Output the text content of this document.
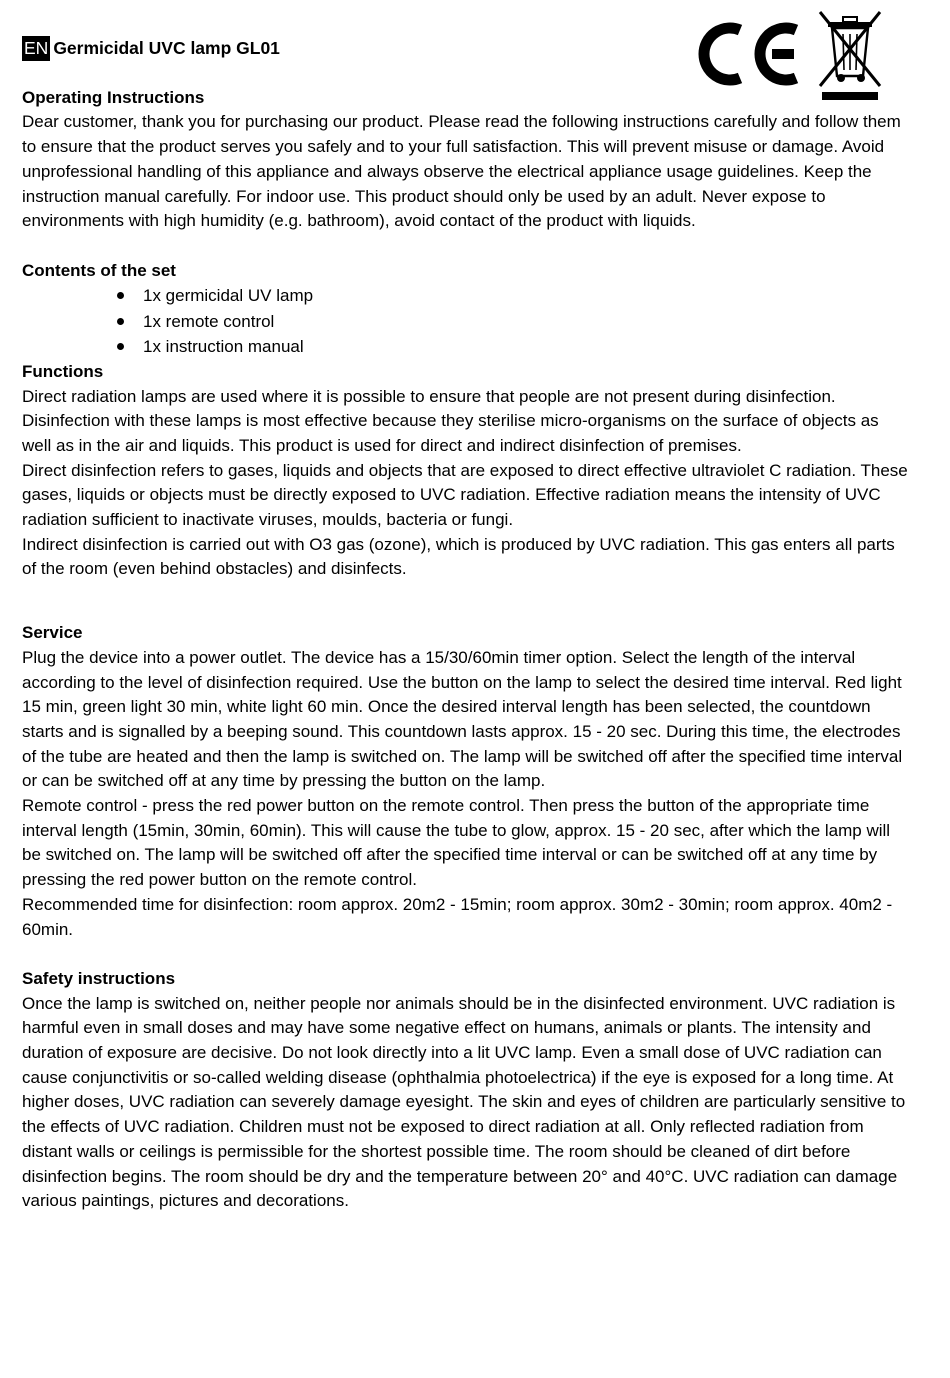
EN Germicidal UVC lamp GL01
Operating Instructions

Dear customer, thank you for purchasing our product. Please read the following instructions carefully and follow them to ensure that the product serves you safely and to your full satisfaction. This will prevent misuse or damage. Avoid unprofessional handling of this appliance and always observe the electrical appliance usage guidelines. Keep the instruction manual carefully. For indoor use. This product should only be used by an adult. Never expose to environments with high humidity (e.g. bathroom), avoid contact of the product with liquids.

Contents of the set
1x germicidal UV lamp
1x remote control
1x instruction manual
Functions

Direct radiation lamps are used where it is possible to ensure that people are not present during disinfection. Disinfection with these lamps is most effective because they sterilise micro-organisms on the surface of objects as well as in the air and liquids. This product is used for direct and indirect disinfection of premises.

Direct disinfection refers to gases, liquids and objects that are exposed to direct effective ultraviolet C radiation. These gases, liquids or objects must be directly exposed to UVC radiation. Effective radiation means the intensity of UVC radiation sufficient to inactivate viruses, moulds, bacteria or fungi.

Indirect disinfection is carried out with O3 gas (ozone), which is produced by UVC radiation. This gas enters all parts of the room (even behind obstacles) and disinfects.

Service

Plug the device into a power outlet. The device has a 15/30/60min timer option. Select the length of the interval according to the level of disinfection required. Use the button on the lamp to select the desired time interval. Red light 15 min, green light 30 min, white light 60 min. Once the desired interval length has been selected, the countdown starts and is signalled by a beeping sound. This countdown lasts approx. 15 - 20 sec. During this time, the electrodes of the tube are heated and then the lamp is switched on. The lamp will be switched off after the specified time interval or can be switched off at any time by pressing the button on the lamp.

Remote control - press the red power button on the remote control. Then press the button of the appropriate time interval length (15min, 30min, 60min). This will cause the tube to glow, approx. 15 - 20 sec, after which the lamp will be switched on. The lamp will be switched off after the specified time interval or can be switched off at any time by pressing the red power button on the remote control.

Recommended time for disinfection: room approx. 20m2 - 15min; room approx. 30m2 - 30min; room approx. 40m2 - 60min.

Safety instructions

Once the lamp is switched on, neither people nor animals should be in the disinfected environment. UVC radiation is harmful even in small doses and may have some negative effect on humans, animals or plants. The intensity and duration of exposure are decisive. Do not look directly into a lit UVC lamp. Even a small dose of UVC radiation can cause conjunctivitis or so-called welding disease (ophthalmia photoelectrica) if the eye is exposed for a long time. At higher doses, UVC radiation can severely damage eyesight. The skin and eyes of children are particularly sensitive to the effects of UVC radiation. Children must not be exposed to direct radiation at all. Only reflected radiation from distant walls or ceilings is permissible for the shortest possible time. The room should be cleaned of dirt before disinfection begins. The room should be dry and the temperature between 20° and 40°C. UVC radiation can damage various paintings, pictures and decorations.
